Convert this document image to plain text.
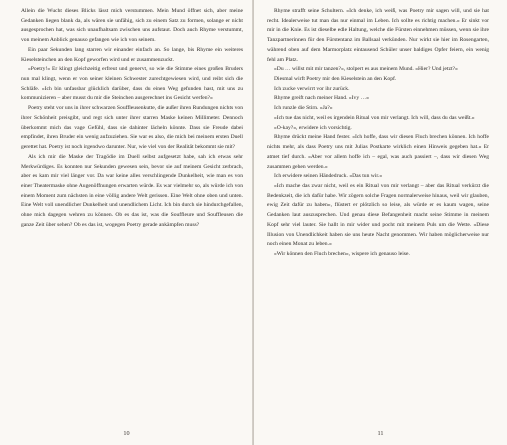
Allein die Wucht dieses Blicks lässt mich verstummen. Mein Mund öffnet sich, aber meine Gedanken liegen blank da, als wären sie unfähig, sich zu einem Satz zu formen, solange er nicht ausgesprochen hat, was sich unaufhaltsam zwischen uns aufstaut. Doch auch Rhyme verstummt, von meinem Anblick genauso gefangen wie ich von seinem.

Ein paar Sekunden lang starren wir einander einfach an. So lange, bis Rhyme ein weiteres Kieselsteinchen an den Kopf geworfen wird und er zusammenzuckt.

»Poetry!« Er klingt gleichzeitig erfreut und genervt, so wie die Stimme eines großen Bruders nun mal klingt, wenn er von seiner kleinen Schwester zurechtgewiesen wird, und reibt sich die Schläfe. »Ich bin unfassbar glücklich darüber, dass du einen Weg gefunden hast, mit uns zu kommunizieren – aber musst du mir die Steinchen ausgerechnet ins Gesicht werfen?«

Poetry steht vor uns in ihrer schwarzen Souffleusenkutte, die außer ihren Rundungen nichts von ihrer Schönheit preisgibt, und regt sich unter ihrer starren Maske keinen Millimeter. Dennoch überkommt mich das vage Gefühl, dass sie dahinter lächeln könnte. Dass sie Freude dabei empfindet, ihren Bruder ein wenig aufzuziehen. Sie war es also, die mich bei meinem ersten Duell gerettet hat. Poetry ist noch irgendwo darunter. Nur, wie viel von der Realität bekommt sie mit?

Als ich mir die Maske der Tragödie im Duell selbst aufgesetzt habe, sah ich etwas sehr Merkwürdiges. Es konnten nur Sekunden gewesen sein, bevor sie auf meinem Gesicht zerbrach, aber es kam mir viel länger vor. Da war keine alles verschlingende Dunkelheit, wie man es von einer Theatermaske ohne Augenöffnungen erwarten würde. Es war vielmehr so, als würde ich von einem Moment zum nächsten in eine völlig andere Welt gerissen. Eine Welt ohne oben und unten. Eine Welt voll unendlicher Dunkelheit und unendlichem Licht. Ich bin durch sie hindurchgefallen, ohne mich dagegen wehren zu können. Ob es das ist, was die Souffleure und Souffleusen die ganze Zeit über sehen? Ob es das ist, wogegen Poetry gerade ankämpfen muss?

10

Rhyme strafft seine Schultern. »Ich denke, ich weiß, was Poetry mir sagen will, und sie hat recht. Idealerweise tut man das nur einmal im Leben. Ich sollte es richtig machen.« Er sinkt vor mir in die Knie. Es ist dieselbe edle Haltung, welche die Fürsten einnehmen müssen, wenn sie ihre Tanzpartnerinnen für den Fürstentanz im Ballsaal verkünden. Nur wirkt sie hier im Rosengarten, während oben auf dem Marmorplatz eintausend Schüler unser baldiges Opfer feiern, ein wenig fehl am Platz.

»Du … willst mit mir tanzen?«, stolpert es aus meinem Mund. »Hier? Und jetzt?«

Diesmal wirft Poetry mir den Kieselstein an den Kopf.

Ich zucke verwirrt vor ihr zurück.

Rhyme greift nach meiner Hand. »Ivy …«

Ich runzle die Stirn. »Ja?«

»Ich tue das nicht, weil es irgendein Ritual von mir verlangt. Ich will, dass du das weißt.«

»O-kay?«, erwidere ich vorsichtig.

Rhyme drückt meine Hand fester. »Ich hoffe, dass wir diesen Fluch brechen können. Ich hoffe nichts mehr, als dass Poetry uns mit Julias Postkarte wirklich einen Hinweis gegeben hat.« Er atmet tief durch. »Aber vor allem hoffe ich – egal, was auch passiert –, dass wir diesen Weg zusammen gehen werden.«

Ich erwidere seinen Händedruck. »Das tun wir.«

»Ich mache das zwar nicht, weil es ein Ritual von mir verlangt – aber das Ritual verkürzt die Bedenkzeit, die ich dafür habe. Wir zögern solche Fragen normalerweise hinaus, weil wir glauben, ewig Zeit dafür zu haben«, flüstert er plötzlich so leise, als würde er es kaum wagen, seine Gedanken laut auszusprechen. Und genau diese Befangenheit macht seine Stimme in meinem Kopf sehr viel lauter. Sie hallt in mir wider und pocht mit meinem Puls um die Wette. »Diese Illusion von Unendlichkeit haben sie uns heute Nacht genommen. Wir haben möglicherweise nur noch einen Monat zu leben.«

»Wir können den Fluch brechen«, wispere ich genauso leise.

11
